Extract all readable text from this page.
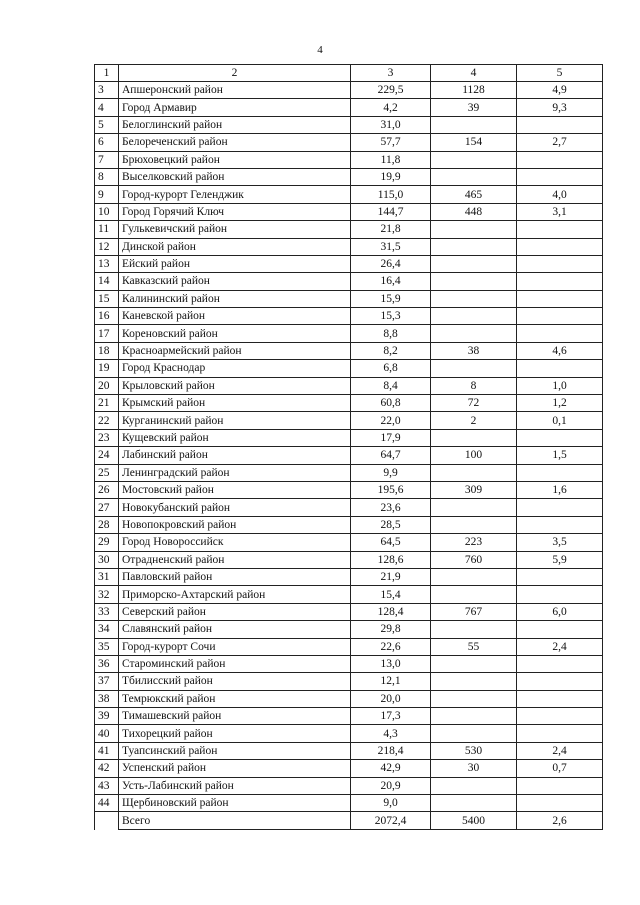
4
1	2	3	4	5
3	Апшеронский район	229,5	1128	4,9
4	Город Армавир	4,2	39	9,3
5	Белоглинский район	31,0		
6	Белореченский район	57,7	154	2,7
7	Брюховецкий район	11,8		
8	Выселковский район	19,9		
9	Город-курорт Геленджик	115,0	465	4,0
10	Город Горячий Ключ	144,7	448	3,1
11	Гулькевичский район	21,8		
12	Динской район	31,5		
13	Ейский район	26,4		
14	Кавказский район	16,4		
15	Калининский район	15,9		
16	Каневской район	15,3		
17	Кореновский район	8,8		
18	Красноармейский район	8,2	38	4,6
19	Город Краснодар	6,8		
20	Крыловский район	8,4	8	1,0
21	Крымский район	60,8	72	1,2
22	Курганинский район	22,0	2	0,1
23	Кущевский район	17,9		
24	Лабинский район	64,7	100	1,5
25	Ленинградский район	9,9		
26	Мостовский район	195,6	309	1,6
27	Новокубанский район	23,6		
28	Новопокровский район	28,5		
29	Город Новороссийск	64,5	223	3,5
30	Отрадненский район	128,6	760	5,9
31	Павловский район	21,9		
32	Приморско-Ахтарский район	15,4		
33	Северский район	128,4	767	6,0
34	Славянский район	29,8		
35	Город-курорт Сочи	22,6	55	2,4
36	Староминский район	13,0		
37	Тбилисский район	12,1		
38	Темрюкский район	20,0		
39	Тимашевский район	17,3		
40	Тихорецкий район	4,3		
41	Туапсинский район	218,4	530	2,4
42	Успенский район	42,9	30	0,7
43	Усть-Лабинский район	20,9		
44	Щербиновский район	9,0		
	Всего	2072,4	5400	2,6
